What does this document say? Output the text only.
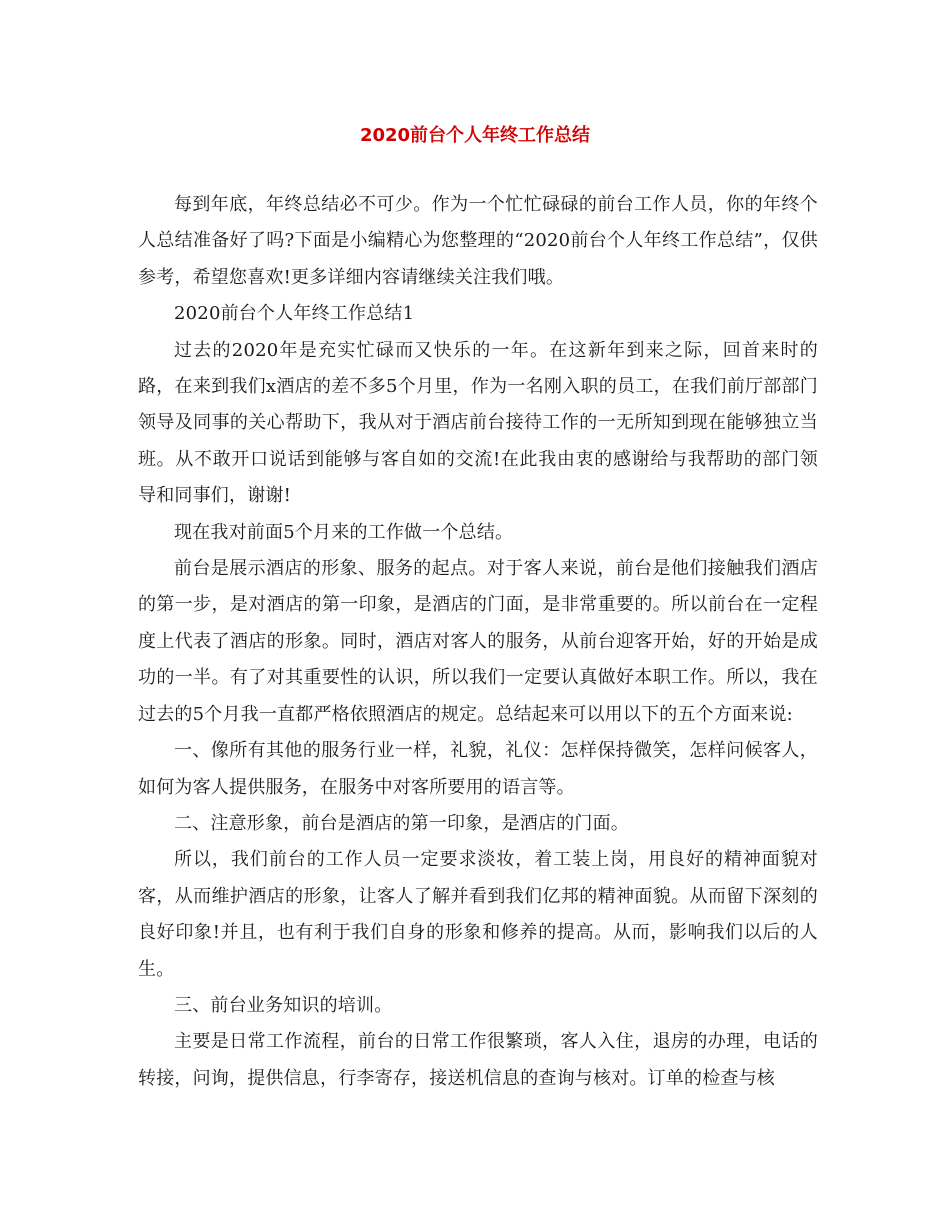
2020前台个人年终工作总结

每到年底，年终总结必不可少。作为一个忙忙碌碌的前台工作人员，你的年终个人总结准备好了吗?下面是小编精心为您整理的“2020前台个人年终工作总结”，仅供参考，希望您喜欢!更多详细内容请继续关注我们哦。

2020前台个人年终工作总结1

过去的2020年是充实忙碌而又快乐的一年。在这新年到来之际，回首来时的路，在来到我们x酒店的差不多5个月里，作为一名刚入职的员工，在我们前厅部部门领导及同事的关心帮助下，我从对于酒店前台接待工作的一无所知到现在能够独立当班。从不敢开口说话到能够与客自如的交流!在此我由衷的感谢给与我帮助的部门领导和同事们，谢谢!

现在我对前面5个月来的工作做一个总结。

前台是展示酒店的形象、服务的起点。对于客人来说，前台是他们接触我们酒店的第一步，是对酒店的第一印象，是酒店的门面，是非常重要的。所以前台在一定程度上代表了酒店的形象。同时，酒店对客人的服务，从前台迎客开始，好的开始是成功的一半。有了对其重要性的认识，所以我们一定要认真做好本职工作。所以，我在过去的5个月我一直都严格依照酒店的规定。总结起来可以用以下的五个方面来说:

一、像所有其他的服务行业一样，礼貌，礼仪：怎样保持微笑，怎样问候客人，如何为客人提供服务，在服务中对客所要用的语言等。

二、注意形象，前台是酒店的第一印象，是酒店的门面。

所以，我们前台的工作人员一定要求淡妆，着工装上岗，用良好的精神面貌对客，从而维护酒店的形象，让客人了解并看到我们亿邦的精神面貌。从而留下深刻的良好印象!并且，也有利于我们自身的形象和修养的提高。从而，影响我们以后的人生。

三、前台业务知识的培训。

主要是日常工作流程，前台的日常工作很繁琐，客人入住，退房的办理，电话的转接，问询，提供信息，行李寄存，接送机信息的查询与核对。订单的检查与核
